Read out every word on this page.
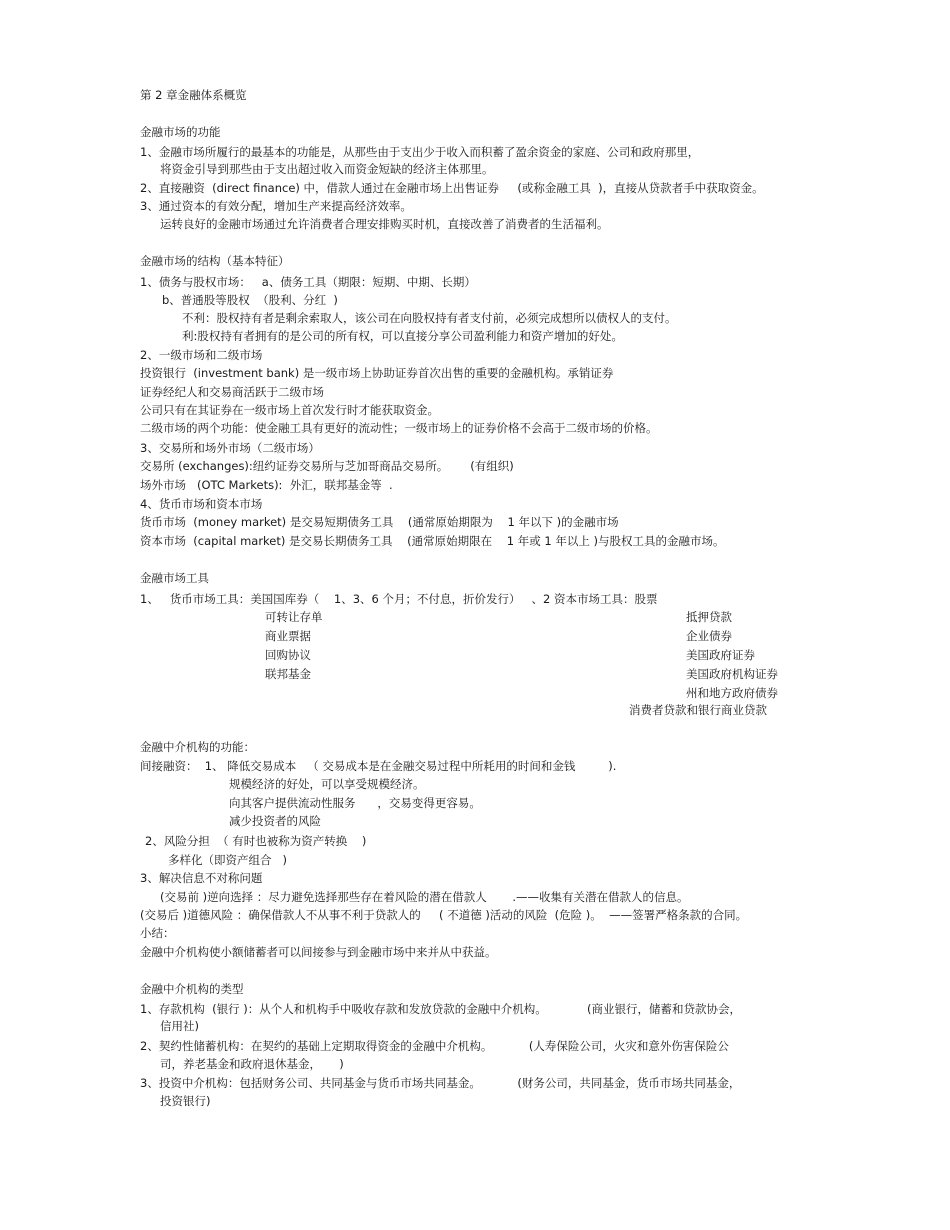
第 2 章金融体系概览
金融市场的功能
1、金融市场所履行的最基本的功能是，从那些由于支出少于收入而积蓄了盈余资金的家庭、公司和政府那里，
将资金引导到那些由于支出超过收入而资金短缺的经济主体那里。
2、直接融资  (direct finance) 中，借款人通过在金融市场上出售证券     (或称金融工具  )，直接从贷款者手中获取资金。
3、通过资本的有效分配，增加生产来提高经济效率。
运转良好的金融市场通过允许消费者合理安排购买时机，直接改善了消费者的生活福利。
金融市场的结构（基本特征）
1、债务与股权市场：   a、债务工具（期限：短期、中期、长期）
b、普通股等股权  （股利、分红  )
不利：股权持有者是剩余索取人，该公司在向股权持有者支付前，必须完成想所以债权人的支付。
利:股权持有者拥有的是公司的所有权，可以直接分享公司盈利能力和资产增加的好处。
2、一级市场和二级市场
投资银行  (investment bank) 是一级市场上协助证券首次出售的重要的金融机构。承销证券
证券经纪人和交易商活跃于二级市场
公司只有在其证券在一级市场上首次发行时才能获取资金。
二级市场的两个功能：使金融工具有更好的流动性；一级市场上的证券价格不会高于二级市场的价格。
3、交易所和场外市场（二级市场）
交易所 (exchanges):纽约证券交易所与芝加哥商品交易所。      (有组织)
场外市场   (OTC Markets):  外汇，联邦基金等  .
4、货币市场和资本市场
货币市场  (money market) 是交易短期债务工具    (通常原始期限为    1 年以下 )的金融市场
资本市场  (capital market) 是交易长期债务工具    (通常原始期限在    1 年或 1 年以上 )与股权工具的金融市场。
金融市场工具
1、   货币市场工具：美国国库券（    1、3、6 个月；不付息，折价发行）   、2 资本市场工具：股票
可转让存单	抵押贷款
商业票据	企业债券
回购协议	美国政府证券
联邦基金	美国政府机构证券
州和地方政府债券
消费者贷款和银行商业贷款
金融中介机构的功能：
间接融资：  1、 降低交易成本   （ 交易成本是在金融交易过程中所耗用的时间和金钱         ).
规模经济的好处，可以享受规模经济。
向其客户提供流动性服务      ，交易变得更容易。
减少投资者的风险
2、风险分担  （ 有时也被称为资产转换    )
多样化（即资产组合   )
3、解决信息不对称问题
(交易前 )逆向选择 ：尽力避免选择那些存在着风险的潜在借款人       .——收集有关潜在借款人的信息。
(交易后 )道德风险 ：确保借款人不从事不利于贷款人的     ( 不道德 )活动的风险  (危险 )。  ——签署严格条款的合同。
小结：
金融中介机构使小额储蓄者可以间接参与到金融市场中来并从中获益。
金融中介机构的类型
1、存款机构  (银行 )：从个人和机构手中吸收存款和发放贷款的金融中介机构。           (商业银行，储蓄和贷款协会，
信用社)
2、契约性储蓄机构：在契约的基础上定期取得资金的金融中介机构。          (人寿保险公司，火灾和意外伤害保险公
司，养老基金和政府退休基金，     )
3、投资中介机构：包括财务公司、共同基金与货币市场共同基金。          (财务公司，共同基金，货币市场共同基金，
投资银行)
